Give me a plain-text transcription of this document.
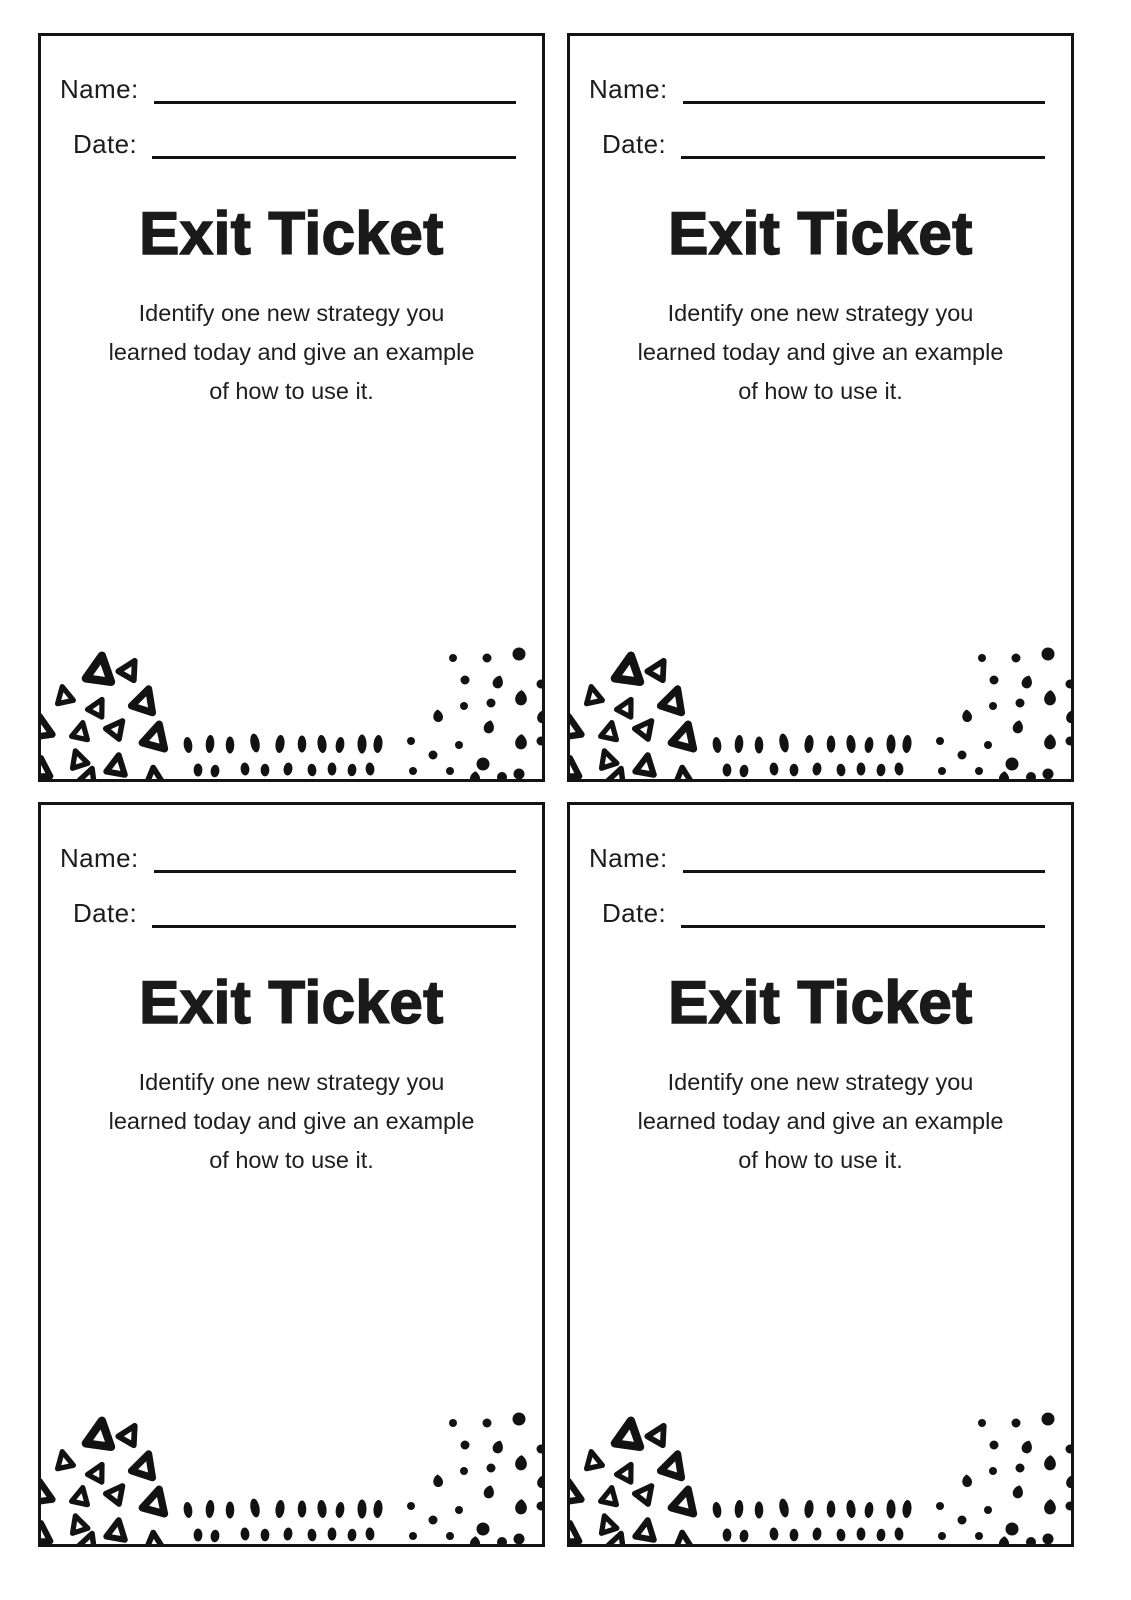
Name:
Date:
Exit Ticket

Identify one new strategy you
learned today and give an example
of how to use it.

Name:
Date:
Exit Ticket

Identify one new strategy you
learned today and give an example
of how to use it.

Name:
Date:
Exit Ticket

Identify one new strategy you
learned today and give an example
of how to use it.

Name:
Date:
Exit Ticket

Identify one new strategy you
learned today and give an example
of how to use it.
